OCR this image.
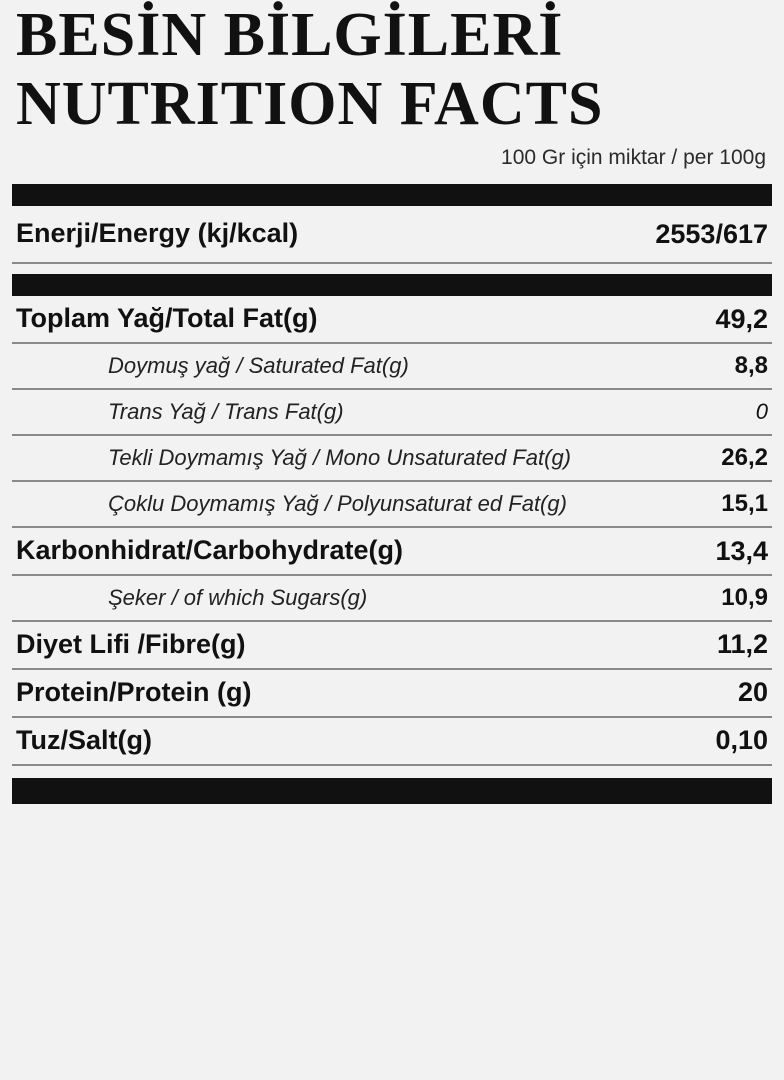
BESİN BİLGİLERİ
NUTRITION FACTS
100 Gr için miktar / per 100g
Enerji/Energy (kj/kcal)	2553/617
Toplam Yağ/Total Fat(g)	49,2
Doymuş yağ / Saturated Fat(g)	8,8
Trans Yağ / Trans Fat(g)	0
Tekli Doymamış Yağ / Mono Unsaturated Fat(g)	26,2
Çoklu Doymamış Yağ / Polyunsaturat ed Fat(g)	15,1
Karbonhidrat/Carbohydrate(g)	13,4
Şeker / of which Sugars(g)	10,9
Diyet Lifi /Fibre(g)	11,2
Protein/Protein (g)	20
Tuz/Salt(g)	0,10
